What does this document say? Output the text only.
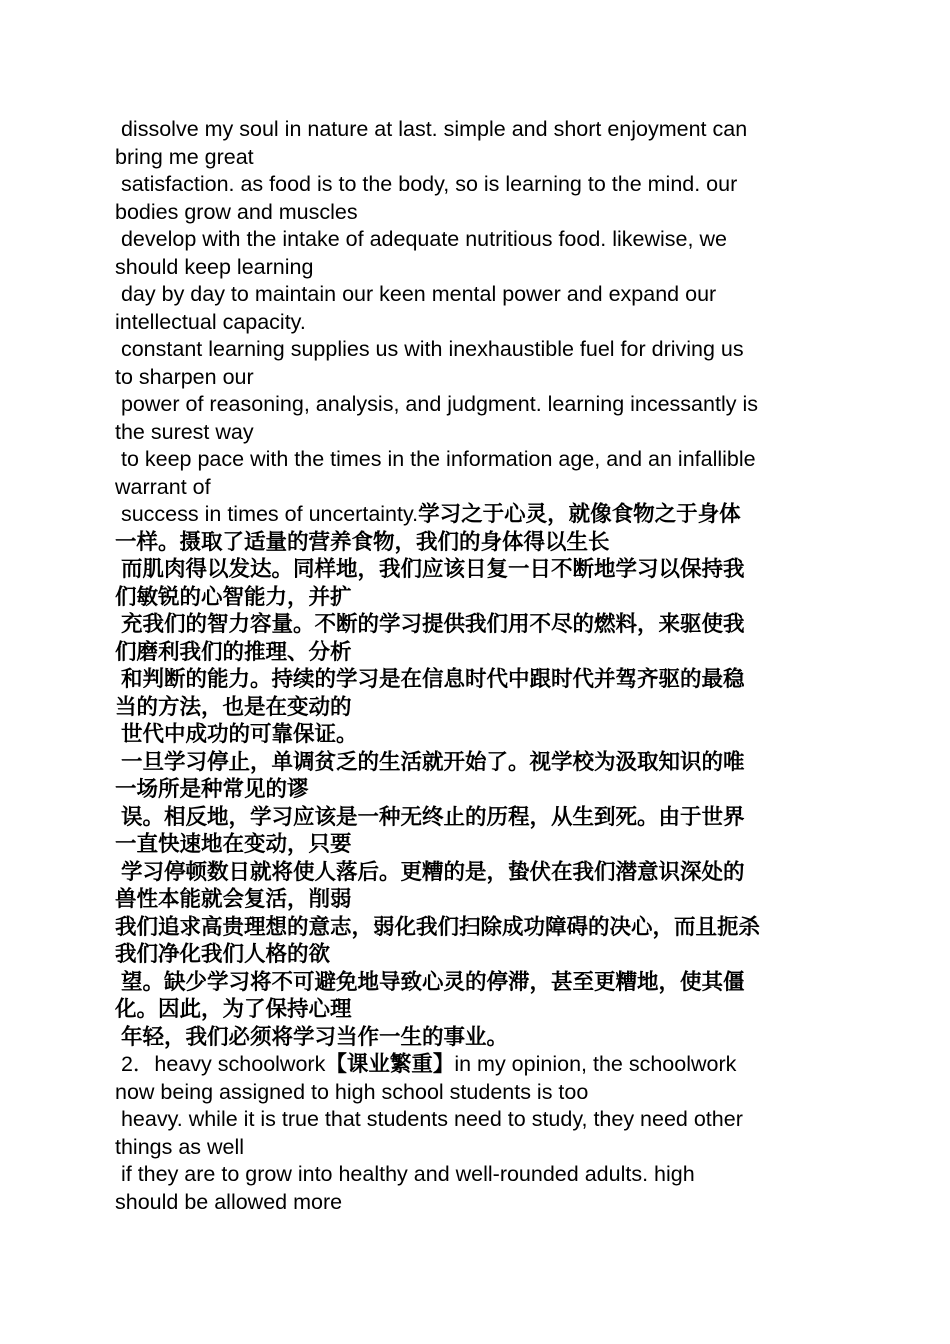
dissolve my soul in nature at last. simple and short enjoyment can
bring me great
satisfaction. as food is to the body, so is learning to the mind. our
bodies grow and muscles
develop with the intake of adequate nutritious food. likewise, we
should keep learning
day by day to maintain our keen mental power and expand our
intellectual capacity.
constant learning supplies us with inexhaustible fuel for driving us
to sharpen our
power of reasoning, analysis, and judgment. learning incessantly is
the surest way
to keep pace with the times in the information age, and an infallible
warrant of
success in times of uncertainty.学习之于心灵，就像食物之于身体
一样。摄取了适量的营养食物，我们的身体得以生长
而肌肉得以发达。同样地，我们应该日复一日不断地学习以保持我
们敏锐的心智能力，并扩
充我们的智力容量。不断的学习提供我们用不尽的燃料，来驱使我
们磨利我们的推理、分析
和判断的能力。持续的学习是在信息时代中跟时代并驾齐驱的最稳
当的方法，也是在变动的
世代中成功的可靠保证。
一旦学习停止，单调贫乏的生活就开始了。视学校为汲取知识的唯
一场所是种常见的谬
误。相反地，学习应该是一种无终止的历程，从生到死。由于世界
一直快速地在变动，只要
学习停顿数日就将使人落后。更糟的是，蛰伏在我们潜意识深处的
兽性本能就会复活，削弱
我们追求高贵理想的意志，弱化我们扫除成功障碍的决心，而且扼杀
我们净化我们人格的欲
望。缺少学习将不可避免地导致心灵的停滞，甚至更糟地，使其僵
化。因此，为了保持心理
年轻，我们必须将学习当作一生的事业。
2．heavy schoolwork【课业繁重】in my opinion, the schoolwork
now being assigned to high school students is too
heavy. while it is true that students need to study, they need other
things as well
if they are to grow into healthy and well-rounded adults. high
should be allowed more
